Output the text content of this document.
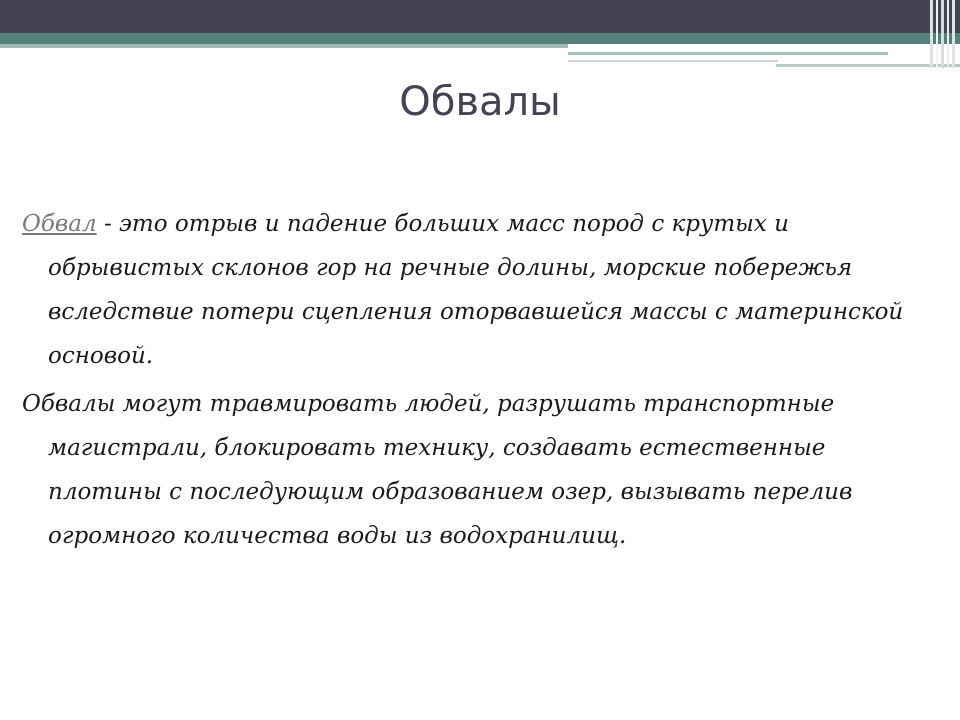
Обвалы

Обвал - это отрыв и падение больших масс пород с крутых и обрывистых склонов гор на речные долины, морские побережья вследствие потери сцепления оторвавшейся массы с материнской основой.

Обвалы могут травмировать людей, разрушать транспортные магистрали, блокировать технику, создавать естественные плотины с последующим образованием озер, вызывать перелив огромного количества воды из водохранилищ.
